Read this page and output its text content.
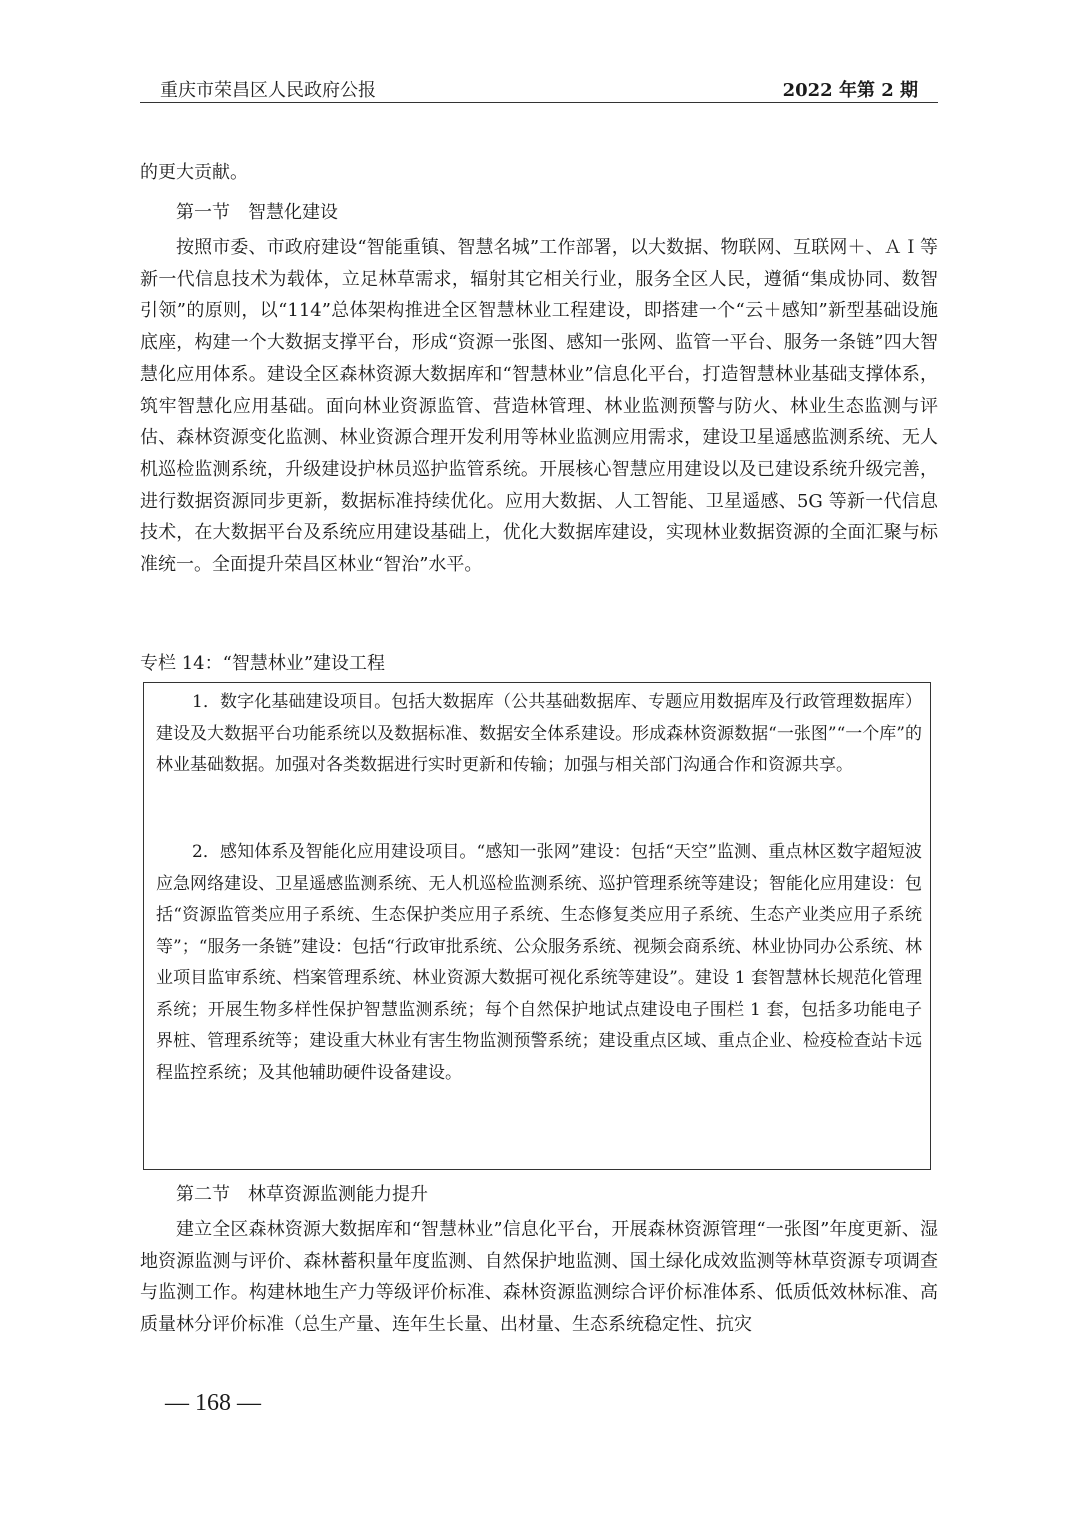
重庆市荣昌区人民政府公报	2022 年第 2 期

的更大贡献。

第一节 智慧化建设

按照市委、市政府建设“智能重镇、智慧名城”工作部署，以大数据、物联网、互联网＋、ＡＩ等新一代信息技术为载体，立足林草需求，辐射其它相关行业，服务全区人民，遵循“集成协同、数智引领”的原则，以“114”总体架构推进全区智慧林业工程建设，即搭建一个“云＋感知”新型基础设施底座，构建一个大数据支撑平台，形成“资源一张图、感知一张网、监管一平台、服务一条链”四大智慧化应用体系。建设全区森林资源大数据库和“智慧林业”信息化平台，打造智慧林业基础支撑体系，筑牢智慧化应用基础。面向林业资源监管、营造林管理、林业监测预警与防火、林业生态监测与评估、森林资源变化监测、林业资源合理开发利用等林业监测应用需求，建设卫星遥感监测系统、无人机巡检监测系统，升级建设护林员巡护监管系统。开展核心智慧应用建设以及已建设系统升级完善，进行数据资源同步更新，数据标准持续优化。应用大数据、人工智能、卫星遥感、5G 等新一代信息技术，在大数据平台及系统应用建设基础上，优化大数据库建设，实现林业数据资源的全面汇聚与标准统一。全面提升荣昌区林业“智治”水平。

专栏 14：“智慧林业”建设工程

1．数字化基础建设项目。包括大数据库（公共基础数据库、专题应用数据库及行政管理数据库）建设及大数据平台功能系统以及数据标准、数据安全体系建设。形成森林资源数据“一张图”“一个库”的林业基础数据。加强对各类数据进行实时更新和传输；加强与相关部门沟通合作和资源共享。

2．感知体系及智能化应用建设项目。“感知一张网”建设：包括“天空”监测、重点林区数字超短波应急网络建设、卫星遥感监测系统、无人机巡检监测系统、巡护管理系统等建设；智能化应用建设：包括“资源监管类应用子系统、生态保护类应用子系统、生态修复类应用子系统、生态产业类应用子系统等”；“服务一条链”建设：包括“行政审批系统、公众服务系统、视频会商系统、林业协同办公系统、林业项目监审系统、档案管理系统、林业资源大数据可视化系统等建设”。建设 1 套智慧林长规范化管理系统；开展生物多样性保护智慧监测系统；每个自然保护地试点建设电子围栏 1 套，包括多功能电子界桩、管理系统等；建设重大林业有害生物监测预警系统；建设重点区域、重点企业、检疫检查站卡远程监控系统；及其他辅助硬件设备建设。

第二节 林草资源监测能力提升

建立全区森林资源大数据库和“智慧林业”信息化平台，开展森林资源管理“一张图”年度更新、湿地资源监测与评价、森林蓄积量年度监测、自然保护地监测、国土绿化成效监测等林草资源专项调查与监测工作。构建林地生产力等级评价标准、森林资源监测综合评价标准体系、低质低效林标准、高质量林分评价标准（总生产量、连年生长量、出材量、生态系统稳定性、抗灾

— 168 —
